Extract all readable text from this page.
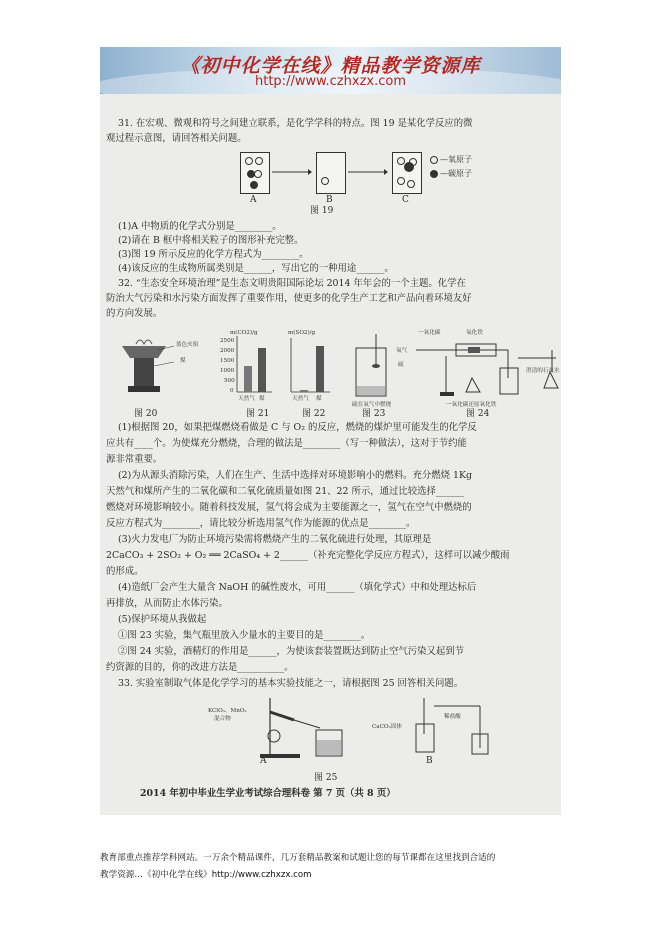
《初中化学在线》精品教学资源库
http://www.czhxzx.com
31. 在宏观、微观和符号之间建立联系，是化学学科的特点。图 19 是某化学反应的微
观过程示意图，请回答相关问题。
A	B	C
—氧原子
—碳原子
图 19
(1)A 中物质的化学式分别是________。
(2)请在 B 框中将相关粒子的图形补充完整。
(3)图 19 所示反应的化学方程式为________。
(4)该反应的生成物所属类别是______，写出它的一种用途______。
32. “生态安全环境治理”是生态文明贵阳国际论坛 2014 年年会的一个主题。化学在
防治大气污染和水污染方面发挥了重要作用，使更多的化学生产工艺和产品向着环境友好
的方向发展。
蓝色火焰
煤
m(CO2)/g
2500
2000
1500
1000
500
0
天然气 煤
m(SO2)/g
天然气 煤
氧气
硫
硫在氧气中燃烧
一氧化碳	氧化铁
澄清的石灰水
一氧化碳还原氧化铁
图 20	图 21	图 22	图 23	图 24
(1)根据图 20，如果把煤燃烧看做是 C 与 O₂ 的反应，燃烧的煤炉里可能发生的化学反
应共有____个。为使煤充分燃烧，合理的做法是________（写一种做法），这对于节约能
源非常重要。
(2)为从源头消除污染，人们在生产、生活中选择对环境影响小的燃料。充分燃烧 1Kg
天然气和煤所产生的二氧化碳和二氧化硫质量如图 21、22 所示，通过比较选择______
燃烧对环境影响较小。随着科技发展，氢气将会成为主要能源之一，氢气在空气中燃烧的
反应方程式为________，请比较分析选用氢气作为能源的优点是________。
(3)火力发电厂为防止环境污染需将燃烧产生的二氧化硫进行处理，其原理是
2CaCO₃ + 2SO₂ + O₂ ══ 2CaSO₄ + 2______（补充完整化学反应方程式），这样可以减少酸雨
的形成。
(4)造纸厂会产生大量含 NaOH 的碱性废水，可用______（填化学式）中和处理达标后
再排放，从而防止水体污染。
(5)保护环境从我做起
①图 23 实验，集气瓶里放入少量水的主要目的是________。
②图 24 实验，酒精灯的作用是______，为使该套装置既达到防止空气污染又起到节
约资源的目的，你的改进方法是__________。
33. 实验室制取气体是化学学习的基本实验技能之一，请根据图 25 回答相关问题。
KClO₃、MnO₂
混合物
CaCO₃固体
稀盐酸
A	B
图 25
2014 年初中毕业生学业考试综合理科卷 第 7 页（共 8 页）
教育部重点推荐学科网站。一万余个精品课件，几万套精品教案和试题让您的每节课都在这里找到合适的
教学资源…《初中化学在线》http://www.czhxzx.com
